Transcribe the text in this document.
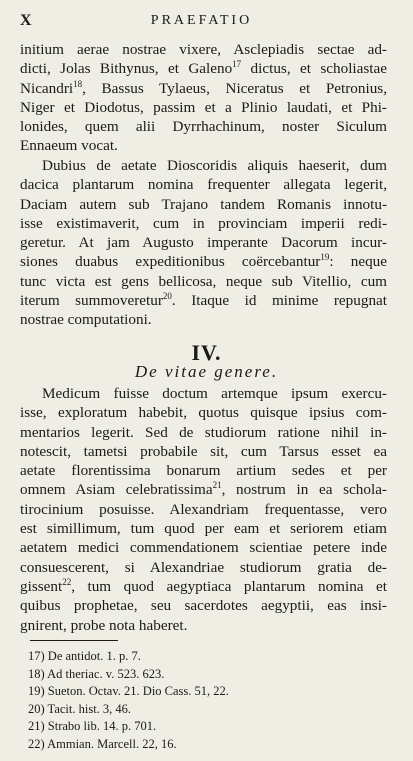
X	PRAEFATIO
initium aerae nostrae vixere, Asclepiadis sectae ad-
dicti, Jolas Bithynus, et Galeno$^{17}$ dictus, et scholiastae
Nicandri$^{18}$, Bassus Tylaeus, Niceratus et Petronius,
Niger et Diodotus, passim et a Plinio laudati, et Phi-
lonides, quem alii Dyrrhachinum, noster Siculum
Ennaeum vocat.
Dubius de aetate Dioscoridis aliquis haeserit, dum
dacica plantarum nomina frequenter allegata legerit,
Daciam autem sub Trajano tandem Romanis innotu-
isse existimaverit, cum in provinciam imperii redi-
geretur. At jam Augusto imperante Dacorum incur-
siones duabus expeditionibus coërcebantur$^{19}$: neque
tunc victa est gens bellicosa, neque sub Vitellio, cum
iterum summoveretur$^{20}$. Itaque id minime repugnat
nostrae computationi.
IV.
De vitae genere.
Medicum fuisse doctum artemque ipsum exercu-
isse, exploratum habebit, quotus quisque ipsius com-
mentarios legerit. Sed de studiorum ratione nihil in-
notescit, tametsi probabile sit, cum Tarsus esset ea
aetate florentissima bonarum artium sedes et per
omnem Asiam celebratissima$^{21}$, nostrum in ea schola-
tirocinium posuisse. Alexandriam frequentasse, vero
est simillimum, tum quod per eam et seriorem etiam
aetatem medici commendationem scientiae petere inde
consuescerent, si Alexandriae studiorum gratia de-
gissent$^{22}$, tum quod aegyptiaca plantarum nomina et
quibus prophetae, seu sacerdotes aegyptii, eas insi-
gnirent, probe nota haberet.
17) De antidot. 1. p. 7.
18) Ad theriac. v. 523. 623.
19) Sueton. Octav. 21. Dio Cass. 51, 22.
20) Tacit. hist. 3, 46.
21) Strabo lib. 14. p. 701.
22) Ammian. Marcell. 22, 16.
